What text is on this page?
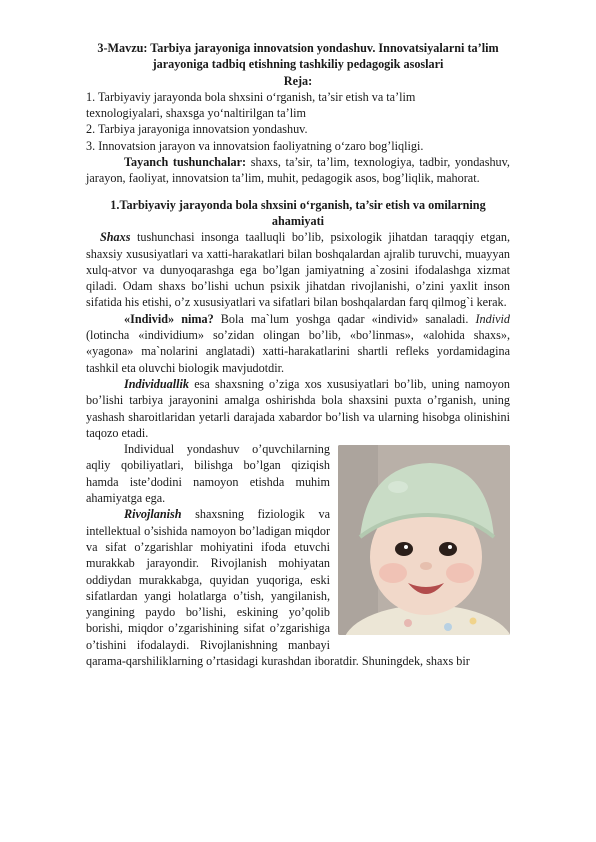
3-Mavzu: Tarbiya jarayoniga innovatsion yondashuv. Innovatsiyalarni ta’lim
jarayoniga tadbiq etishning tashkiliy pedagogik asoslari

Reja:

1. Tarbiyaviy jarayonda bola shxsini o‘rganish, ta’sir etish va ta’lim
texnologiyalari, shaxsga yo‘naltirilgan ta’lim

2. Tarbiya jarayoniga innovatsion yondashuv.

3. Innovatsion jarayon va innovatsion faoliyatning o‘zaro bog’liqligi.

Tayanch tushunchalar: shaxs, ta’sir, ta’lim, texnologiya, tadbir, yondashuv, jarayon, faoliyat, innovatsion ta’lim, muhit, pedagogik asos, bog’liqlik, mahorat.

1.Tarbiyaviy jarayonda bola shxsini o‘rganish, ta’sir etish va omilarning
ahamiyati

Shaxs tushunchasi insonga taalluqli bo’lib, psixologik jihatdan taraqqiy etgan, shaxsiy xususiyatlari va xatti-harakatlari bilan boshqalardan ajralib turuvchi, muayyan xulq-atvor va dunyoqarashga ega bo’lgan jamiyatning a`zosini ifodalashga xizmat qiladi. Odam shaxs bo’lishi uchun psixik jihatdan rivojlanishi, o’zini yaxlit inson sifatida his etishi, o’z xususiyatlari va sifatlari bilan boshqalardan farq qilmog`i kerak.

«Individ» nima? Bola ma`lum yoshga qadar «individ» sanaladi. Individ (lotincha «individium» so’zidan olingan bo’lib, «bo’linmas», «alohida shaxs», «yagona» ma`nolarini anglatadi) xatti-harakatlarini shartli refleks yordamidagina tashkil eta oluvchi biologik mavjudotdir.

Individuallik esa shaxsning o’ziga xos xususiyatlari bo’lib, uning namoyon bo’lishi tarbiya jarayonini amalga oshirishda bola shaxsini puxta o’rganish, uning yashash sharoitlaridan yetarli darajada xabardor bo’lish va ularning hisobga olinishini taqozo etadi.

Individual yondashuv o’quvchilarning aqliy qobiliyatlari, bilishga bo’lgan qiziqish hamda iste’dodini namoyon etishda muhim ahamiyatga ega.

Rivojlanish shaxsning fiziologik va intellektual o’sishida namoyon bo’ladigan miqdor va sifat o’zgarishlar mohiyatini ifoda etuvchi murakkab jarayondir. Rivojlanish mohiyatan oddiydan murakkabga, quyidan yuqoriga, eski sifatlardan yangi holatlarga o’tish, yangilanish, yangining paydo bo’lishi, eskining yo’qolib borishi, miqdor o’zgarishining sifat o’zgarishiga o’tishini ifodalaydi. Rivojlanishning manbayi qarama-qarshiliklarning o’rtasidagi kurashdan iboratdir. Shuningdek, shaxs bir
